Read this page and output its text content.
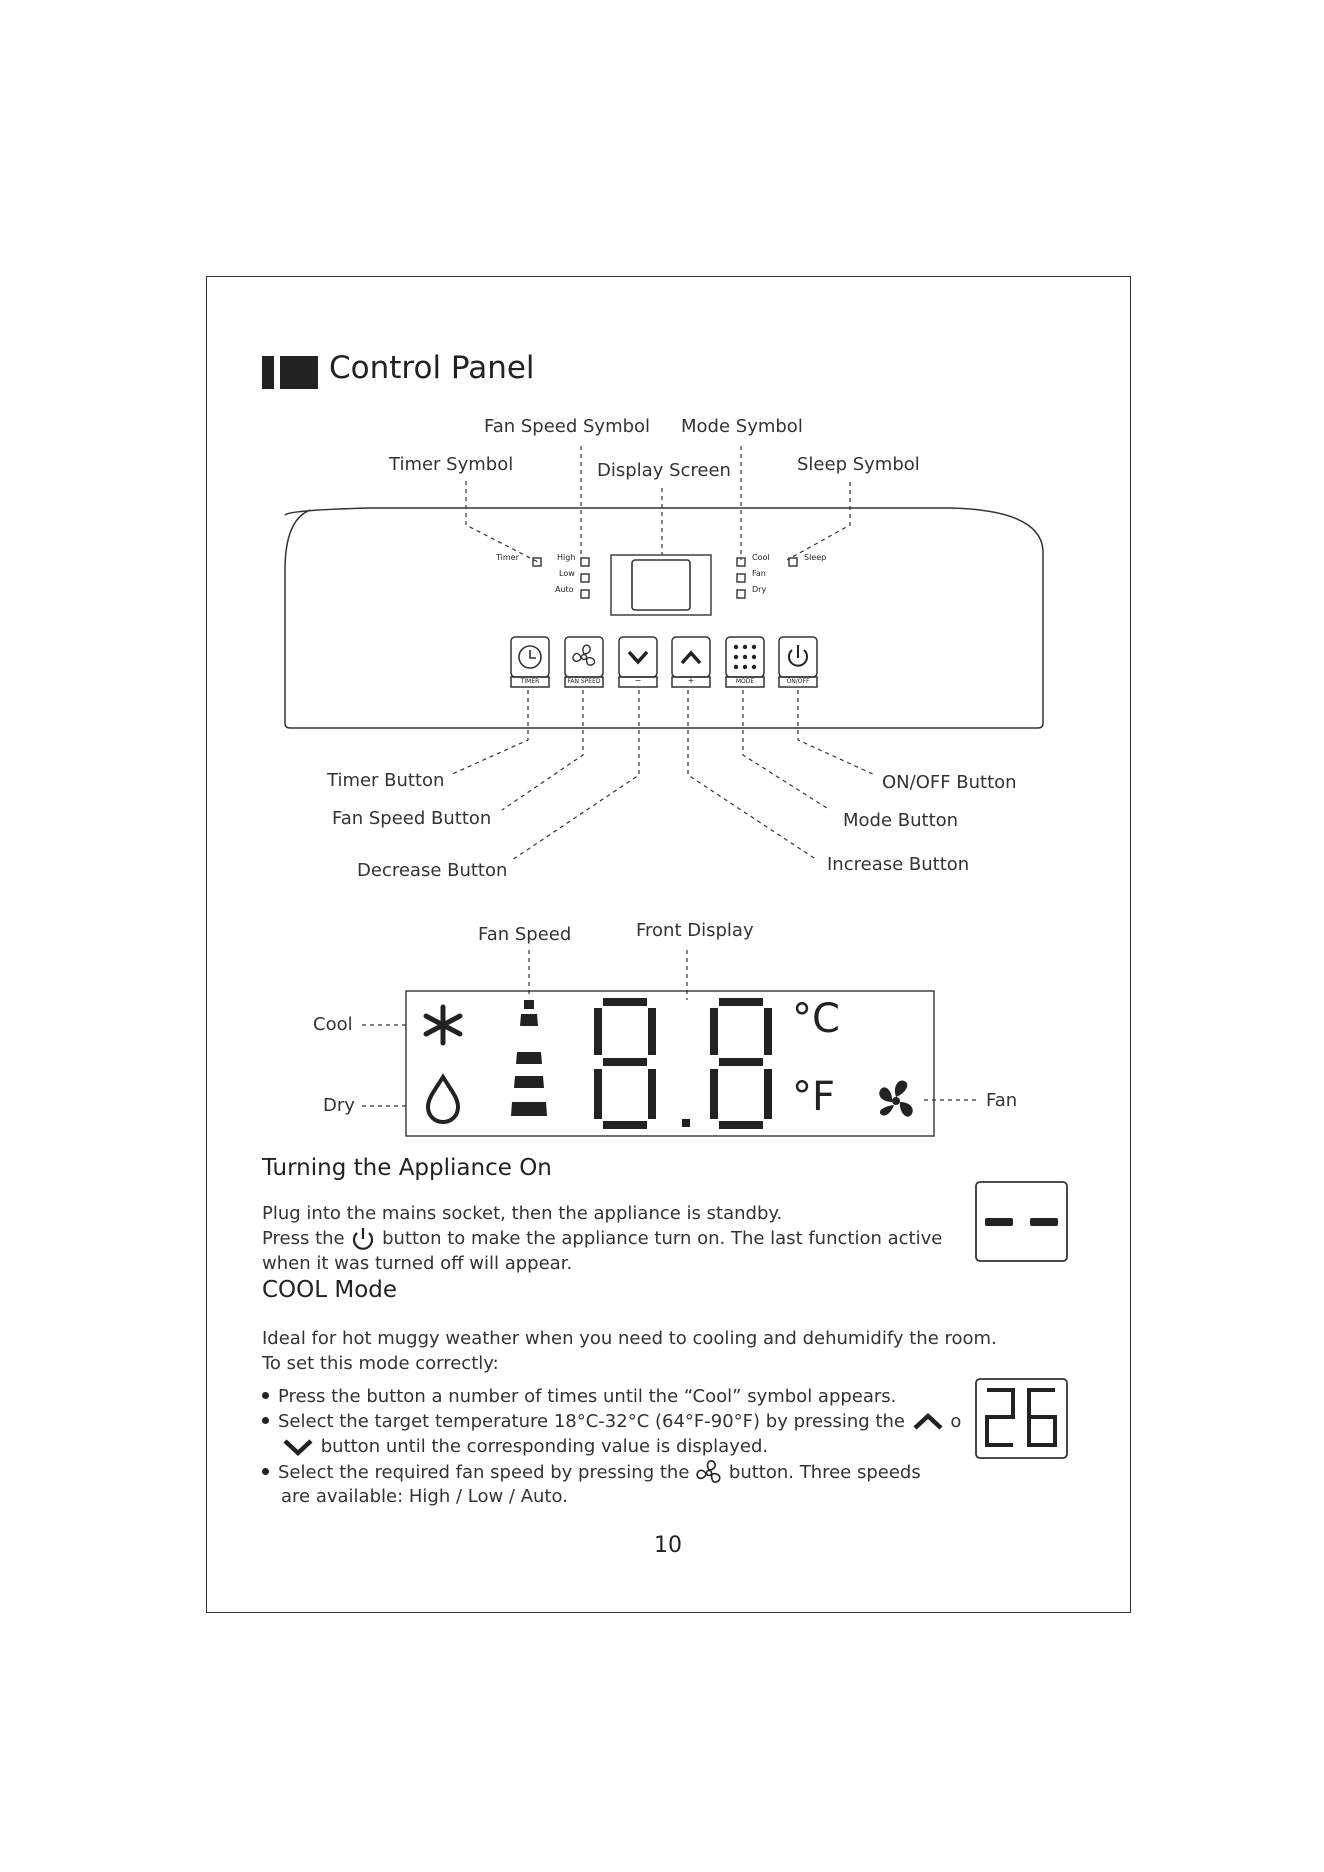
Control Panel
Timer	High
Low
Auto
Cool
Fan
Dry
Sleep
TIMER	FAN SPEED	−	+	MODE	ON/OFF
Fan Speed Symbol Mode Symbol
Timer Symbol	Display Screen	Sleep Symbol
Timer Button
Fan Speed Button
Decrease Button
ON/OFF Button
Mode Button
Increase Button
°C
°F
Fan Speed	Front Display
Cool
Dry	Fan
Turning the Appliance On
Plug into the mains socket, then the appliance is standby.
Press the button to make the appliance turn on. The last function active
when it was turned off will appear.
COOL Mode
Ideal for hot muggy weather when you need to cooling and dehumidify the room.
To set this mode correctly:
Press the button a number of times until the “Cool” symbol appears.
Select the target temperature 18°C-32°C (64°F-90°F) by pressing the	o
button until the corresponding value is displayed.
Select the required fan speed by pressing the button. Three speeds
are available: High / Low / Auto.
10
